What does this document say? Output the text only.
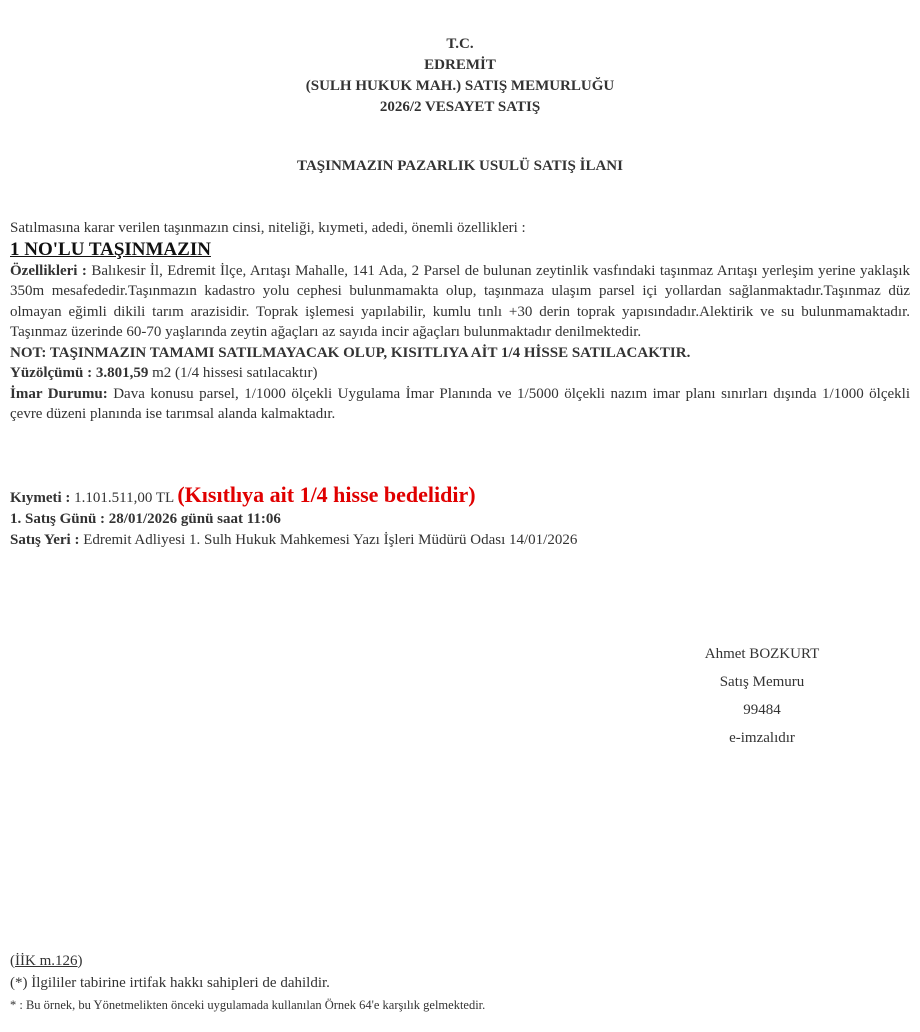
T.C.
EDREMİT
(SULH HUKUK MAH.) SATIŞ MEMURLUĞU
2026/2 VESAYET SATIŞ
TAŞINMAZIN PAZARLIK USULÜ SATIŞ İLANI

Satılmasına karar verilen taşınmazın cinsi, niteliği, kıymeti, adedi, önemli özellikleri :

1 NO'LU TAŞINMAZIN

Özellikleri : Balıkesir İl, Edremit İlçe, Arıtaşı Mahalle, 141 Ada, 2 Parsel de bulunan zeytinlik vasfındaki taşınmaz Arıtaşı yerleşim yerine yaklaşık 350m mesafededir.Taşınmazın kadastro yolu cephesi bulunmamakta olup, taşınmaza ulaşım parsel içi yollardan sağlanmaktadır.Taşınmaz düz olmayan eğimli dikili tarım arazisidir. Toprak işlemesi yapılabilir, kumlu tınlı +30 derin toprak yapısındadır.Alektirik ve su bulunmamaktadır. Taşınmaz üzerinde 60-70 yaşlarında zeytin ağaçları az sayıda incir ağaçları bulunmaktadır denilmektedir.

NOT: TAŞINMAZIN TAMAMI SATILMAYACAK OLUP, KISITLIYA AİT 1/4 HİSSE SATILACAKTIR.

Yüzölçümü : 3.801,59 m2 (1/4 hissesi satılacaktır)

İmar Durumu: Dava konusu parsel, 1/1000 ölçekli Uygulama İmar Planında ve 1/5000 ölçekli nazım imar planı sınırları dışında 1/1000 ölçekli çevre düzeni planında ise tarımsal alanda kalmaktadır.

Kıymeti : 1.101.511,00 TL (Kısıtlıya ait 1/4 hisse bedelidir)

1. Satış Günü : 28/01/2026 günü saat 11:06

Satış Yeri : Edremit Adliyesi 1. Sulh Hukuk Mahkemesi Yazı İşleri Müdürü Odası 14/01/2026

Ahmet BOZKURT
Satış Memuru
99484
e-imzalıdır
(İİK m.126)
(*) İlgililer tabirine irtifak hakkı sahipleri de dahildir.
* : Bu örnek, bu Yönetmelikten önceki uygulamada kullanılan Örnek 64'e karşılık gelmektedir.
